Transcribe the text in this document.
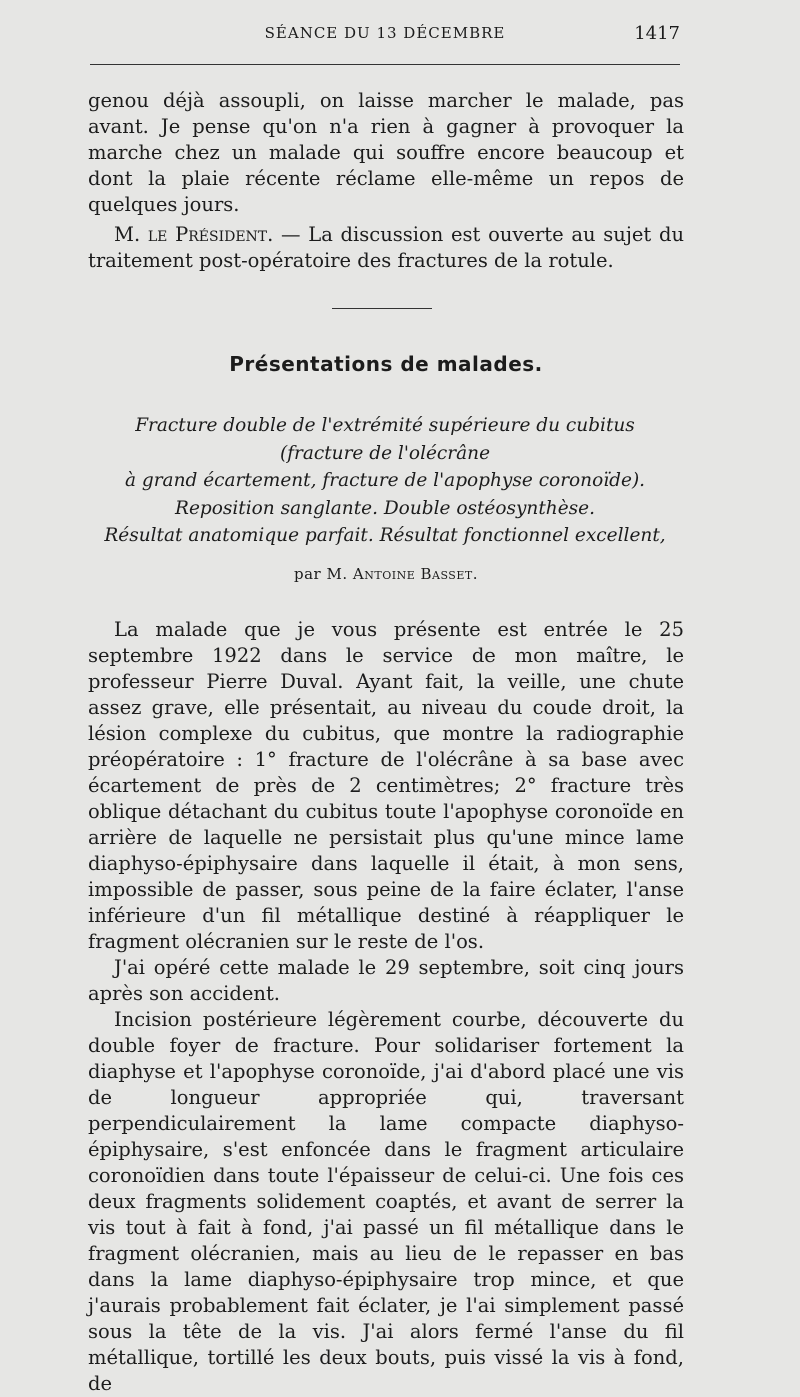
SÉANCE DU 13 DÉCEMBRE	1417

genou déjà assoupli, on laisse marcher le malade, pas avant. Je pense qu'on n'a rien à gagner à provoquer la marche chez un malade qui souffre encore beaucoup et dont la plaie récente réclame elle-même un repos de quelques jours.

M. le Président. — La discussion est ouverte au sujet du traitement post-opératoire des fractures de la rotule.

Présentations de malades.
Fracture double de l'extrémité supérieure du cubitus
(fracture de l'olécrâne
à grand écartement, fracture de l'apophyse coronoïde).
Reposition sanglante. Double ostéosynthèse.
Résultat anatomique parfait. Résultat fonctionnel excellent,
par M. Antoine Basset.

La malade que je vous présente est entrée le 25 septembre 1922 dans le service de mon maître, le professeur Pierre Duval. Ayant fait, la veille, une chute assez grave, elle présentait, au niveau du coude droit, la lésion complexe du cubitus, que montre la radiographie préopératoire : 1° fracture de l'olécrâne à sa base avec écartement de près de 2 centimètres; 2° fracture très oblique détachant du cubitus toute l'apophyse coronoïde en arrière de laquelle ne persistait plus qu'une mince lame diaphyso-épiphysaire dans laquelle il était, à mon sens, impossible de passer, sous peine de la faire éclater, l'anse inférieure d'un fil métallique destiné à réappliquer le fragment olécranien sur le reste de l'os.

J'ai opéré cette malade le 29 septembre, soit cinq jours après son accident.

Incision postérieure légèrement courbe, découverte du double foyer de fracture. Pour solidariser fortement la diaphyse et l'apophyse coronoïde, j'ai d'abord placé une vis de longueur appropriée qui, traversant perpendiculairement la lame compacte diaphyso-épiphysaire, s'est enfoncée dans le fragment articulaire coronoïdien dans toute l'épaisseur de celui-ci. Une fois ces deux fragments solidement coaptés, et avant de serrer la vis tout à fait à fond, j'ai passé un fil métallique dans le fragment olécranien, mais au lieu de le repasser en bas dans la lame diaphyso-épiphysaire trop mince, et que j'aurais probablement fait éclater, je l'ai simplement passé sous la tête de la vis. J'ai alors fermé l'anse du fil métallique, tortillé les deux bouts, puis vissé la vis à fond, de
